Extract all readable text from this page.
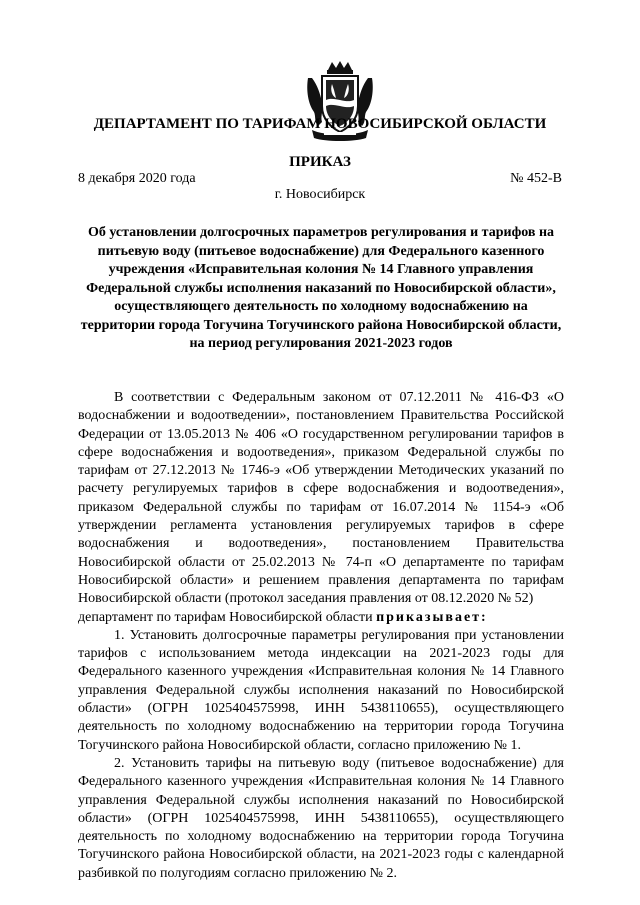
ДЕПАРТАМЕНТ ПО ТАРИФАМ НОВОСИБИРСКОЙ ОБЛАСТИ
ПРИКАЗ
8 декабря 2020 года	№ 452-В
г. Новосибирск
Об установлении долгосрочных параметров регулирования и тарифов на питьевую воду (питьевое водоснабжение) для Федерального казенного учреждения «Исправительная колония № 14 Главного управления Федеральной службы исполнения наказаний по Новосибирской области», осуществляющего деятельность по холодному водоснабжению на территории города Тогучина Тогучинского района Новосибирской области, на период регулирования 2021-2023 годов

В соответствии с Федеральным законом от 07.12.2011 № 416-ФЗ «О водоснабжении и водоотведении», постановлением Правительства Российской Федерации от 13.05.2013 № 406 «О государственном регулировании тарифов в сфере водоснабжения и водоотведения», приказом Федеральной службы по тарифам от 27.12.2013 № 1746-э «Об утверждении Методических указаний по расчету регулируемых тарифов в сфере водоснабжения и водоотведения», приказом Федеральной службы по тарифам от 16.07.2014 № 1154-э «Об утверждении регламента установления регулируемых тарифов в сфере водоснабжения и водоотведения», постановлением Правительства Новосибирской области от 25.02.2013 № 74-п «О департаменте по тарифам Новосибирской области» и решением правления департамента по тарифам Новосибирской области (протокол заседания правления от 08.12.2020 № 52)

департамент по тарифам Новосибирской области приказывает:

1. Установить долгосрочные параметры регулирования при установлении тарифов с использованием метода индексации на 2021-2023 годы для Федерального казенного учреждения «Исправительная колония № 14 Главного управления Федеральной службы исполнения наказаний по Новосибирской области» (ОГРН 1025404575998, ИНН 5438110655), осуществляющего деятельность по холодному водоснабжению на территории города Тогучина Тогучинского района Новосибирской области, согласно приложению № 1.

2. Установить тарифы на питьевую воду (питьевое водоснабжение) для Федерального казенного учреждения «Исправительная колония № 14 Главного управления Федеральной службы исполнения наказаний по Новосибирской области» (ОГРН 1025404575998, ИНН 5438110655), осуществляющего деятельность по холодному водоснабжению на территории города Тогучина Тогучинского района Новосибирской области, на 2021-2023 годы с календарной разбивкой по полугодиям согласно приложению № 2.
